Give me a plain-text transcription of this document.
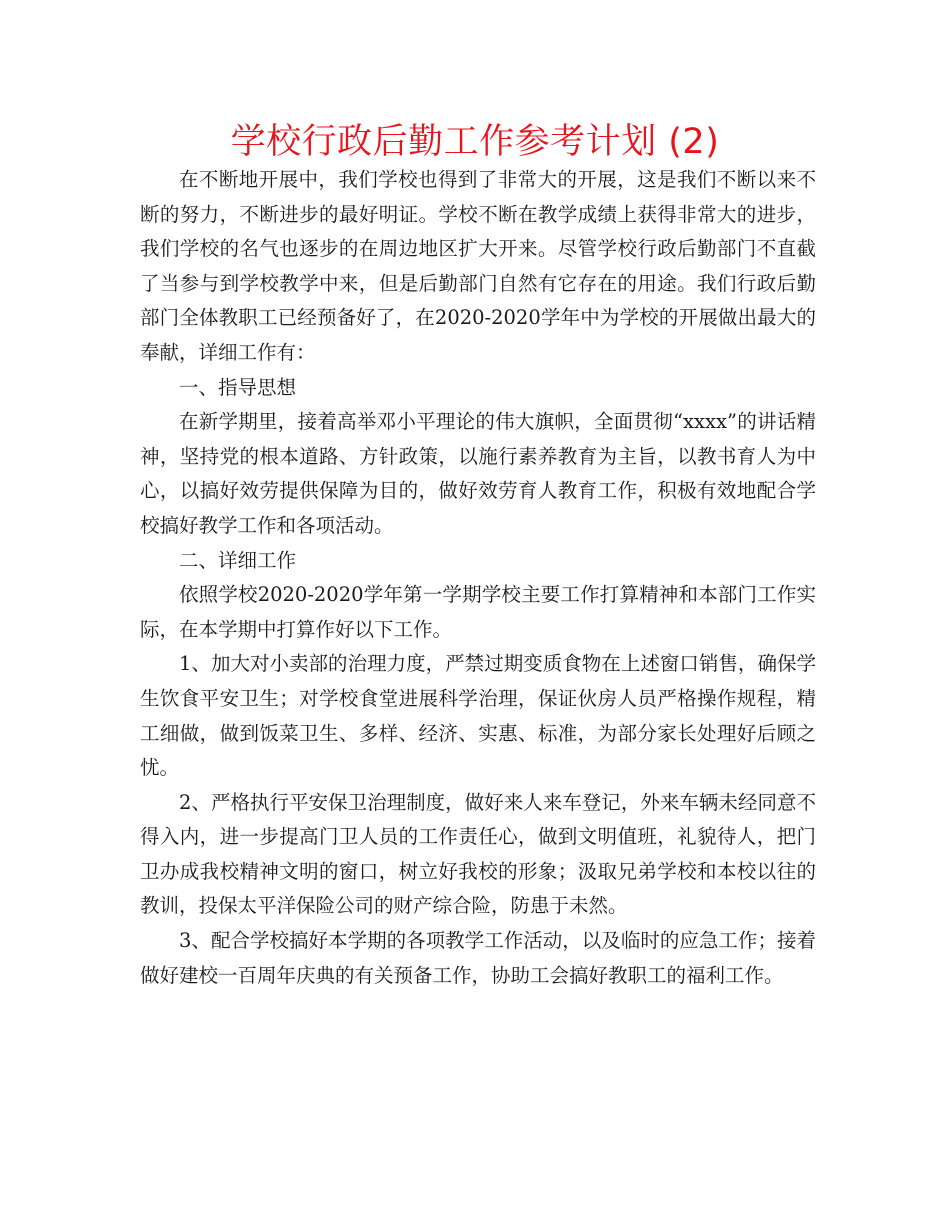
学校行政后勤工作参考计划 (2)

在不断地开展中，我们学校也得到了非常大的开展，这是我们不断以来不断的努力，不断进步的最好明证。学校不断在教学成绩上获得非常大的进步，我们学校的名气也逐步的在周边地区扩大开来。尽管学校行政后勤部门不直截了当参与到学校教学中来，但是后勤部门自然有它存在的用途。我们行政后勤部门全体教职工已经预备好了，在2020-2020学年中为学校的开展做出最大的奉献，详细工作有：

一、指导思想

在新学期里，接着高举邓小平理论的伟大旗帜，全面贯彻“xxxx”的讲话精神，坚持党的根本道路、方针政策，以施行素养教育为主旨，以教书育人为中心，以搞好效劳提供保障为目的，做好效劳育人教育工作，积极有效地配合学校搞好教学工作和各项活动。

二、详细工作

依照学校2020-2020学年第一学期学校主要工作打算精神和本部门工作实际，在本学期中打算作好以下工作。

1、加大对小卖部的治理力度，严禁过期变质食物在上述窗口销售，确保学生饮食平安卫生；对学校食堂进展科学治理，保证伙房人员严格操作规程，精工细做，做到饭菜卫生、多样、经济、实惠、标准，为部分家长处理好后顾之忧。

2、严格执行平安保卫治理制度，做好来人来车登记，外来车辆未经同意不得入内，进一步提高门卫人员的工作责任心，做到文明值班，礼貌待人，把门卫办成我校精神文明的窗口，树立好我校的形象；汲取兄弟学校和本校以往的教训，投保太平洋保险公司的财产综合险，防患于未然。

3、配合学校搞好本学期的各项教学工作活动，以及临时的应急工作；接着做好建校一百周年庆典的有关预备工作，协助工会搞好教职工的福利工作。
